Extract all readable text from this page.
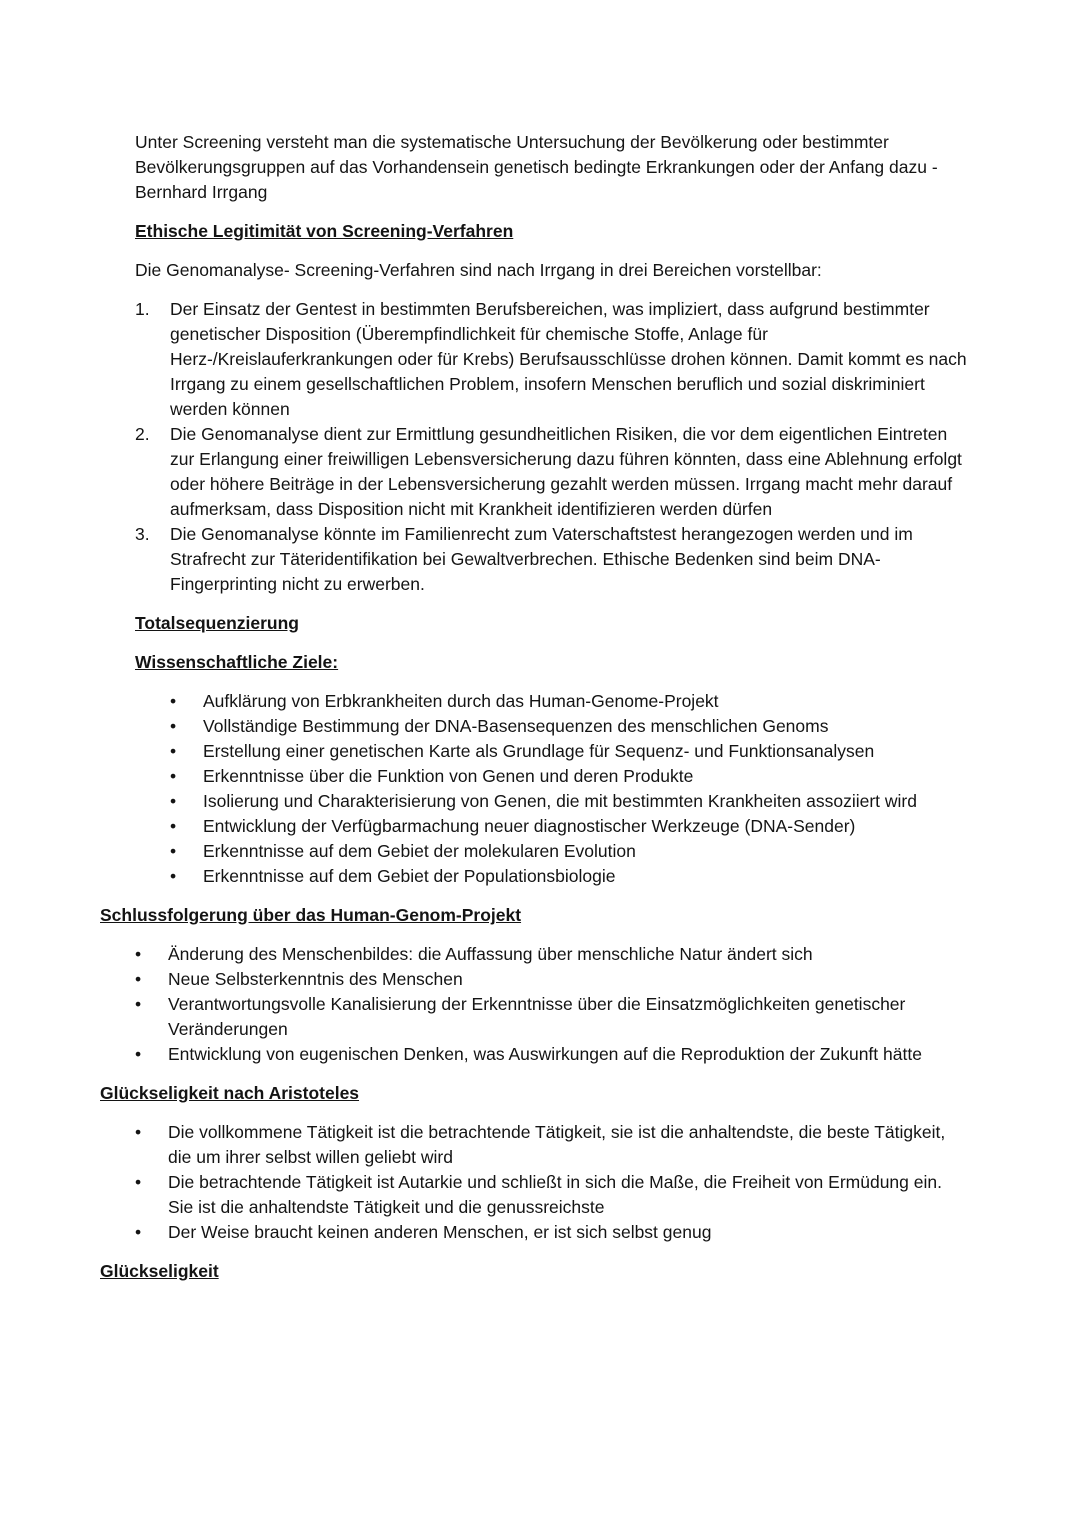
Unter Screening versteht man die systematische Untersuchung der Bevölkerung oder bestimmter Bevölkerungsgruppen auf das Vorhandensein genetisch bedingte Erkrankungen oder der Anfang dazu - Bernhard Irrgang

Ethische Legitimität von Screening-Verfahren

Die Genomanalyse- Screening-Verfahren sind nach Irrgang in drei Bereichen vorstellbar:

1.	Der Einsatz der Gentest in bestimmten Berufsbereichen, was impliziert, dass aufgrund bestimmter genetischer Disposition (Überempfindlichkeit für chemische Stoffe, Anlage für Herz-/Kreislauferkrankungen oder für Krebs) Berufsausschlüsse drohen können. Damit kommt es nach Irrgang zu einem gesellschaftlichen Problem, insofern Menschen beruflich und sozial diskriminiert werden können
2.	Die Genomanalyse dient zur Ermittlung gesundheitlichen Risiken, die vor dem eigentlichen Eintreten zur Erlangung einer freiwilligen Lebensversicherung dazu führen könnten, dass eine Ablehnung erfolgt oder höhere Beiträge in der Lebensversicherung gezahlt werden müssen. Irrgang macht mehr darauf aufmerksam, dass Disposition nicht mit Krankheit identifizieren werden dürfen
3.	Die Genomanalyse könnte im Familienrecht zum Vaterschaftstest herangezogen werden und im Strafrecht zur Täteridentifikation bei Gewaltverbrechen. Ethische Bedenken sind beim DNA-Fingerprinting nicht zu erwerben.

Totalsequenzierung

Wissenschaftliche Ziele:

•	Aufklärung von Erbkrankheiten durch das Human-Genome-Projekt
•	Vollständige Bestimmung der DNA-Basensequenzen des menschlichen Genoms
•	Erstellung einer genetischen Karte als Grundlage für Sequenz- und Funktionsanalysen
•	Erkenntnisse über die Funktion von Genen und deren Produkte
•	Isolierung und Charakterisierung von Genen, die mit bestimmten Krankheiten assoziiert wird
•	Entwicklung der Verfügbarmachung neuer diagnostischer Werkzeuge (DNA-Sender)
•	Erkenntnisse auf dem Gebiet der molekularen Evolution
•	Erkenntnisse auf dem Gebiet der Populationsbiologie

Schlussfolgerung über das Human-Genom-Projekt

•	Änderung des Menschenbildes: die Auffassung über menschliche Natur ändert sich
•	Neue Selbsterkenntnis des Menschen
•	Verantwortungsvolle Kanalisierung der Erkenntnisse über die Einsatzmöglichkeiten genetischer Veränderungen
•	Entwicklung von eugenischen Denken, was Auswirkungen auf die Reproduktion der Zukunft hätte

Glückseligkeit nach Aristoteles

•	Die vollkommene Tätigkeit ist die betrachtende Tätigkeit, sie ist die anhaltendste, die beste Tätigkeit, die um ihrer selbst willen geliebt wird
•	Die betrachtende Tätigkeit ist Autarkie und schließt in sich die Maße, die Freiheit von Ermüdung ein. Sie ist die anhaltendste Tätigkeit und die genussreichste
•	Der Weise braucht keinen anderen Menschen, er ist sich selbst genug

Glückseligkeit
